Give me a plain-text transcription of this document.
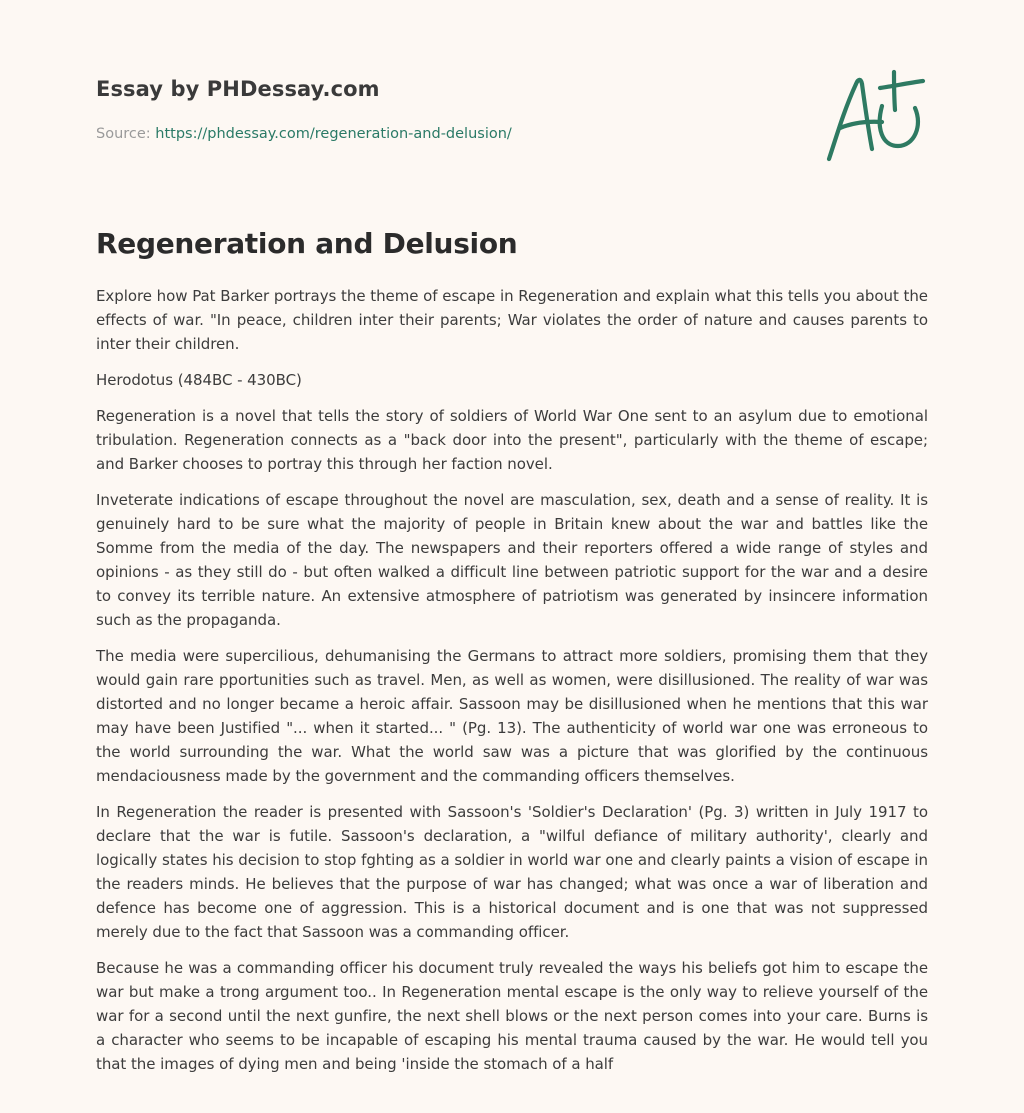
Essay by PHDessay.com
Source: https://phdessay.com/regeneration-and-delusion/
Regeneration and Delusion

Explore how Pat Barker portrays the theme of escape in Regeneration and explain what this tells you about the effects of war. "In peace, children inter their parents; War violates the order of nature and causes parents to inter their children.

Herodotus (484BC - 430BC)

Regeneration is a novel that tells the story of soldiers of World War One sent to an asylum due to emotional tribulation. Regeneration connects as a "back door into the present", particularly with the theme of escape; and Barker chooses to portray this through her faction novel.

Inveterate indications of escape throughout the novel are masculation, sex, death and a sense of reality. It is genuinely hard to be sure what the majority of people in Britain knew about the war and battles like the Somme from the media of the day. The newspapers and their reporters offered a wide range of styles and opinions - as they still do - but often walked a difficult line between patriotic support for the war and a desire to convey its terrible nature. An extensive atmosphere of patriotism was generated by insincere information such as the propaganda.

The media were supercilious, dehumanising the Germans to attract more soldiers, promising them that they would gain rare pportunities such as travel. Men, as well as women, were disillusioned. The reality of war was distorted and no longer became a heroic affair. Sassoon may be disillusioned when he mentions that this war may have been Justified "... when it started... " (Pg. 13). The authenticity of world war one was erroneous to the world surrounding the war. What the world saw was a picture that was glorified by the continuous mendaciousness made by the government and the commanding officers themselves.

In Regeneration the reader is presented with Sassoon's 'Soldier's Declaration' (Pg. 3) written in July 1917 to declare that the war is futile. Sassoon's declaration, a "wilful defiance of military authority', clearly and logically states his decision to stop fghting as a soldier in world war one and clearly paints a vision of escape in the readers minds. He believes that the purpose of war has changed; what was once a war of liberation and defence has become one of aggression. This is a historical document and is one that was not suppressed merely due to the fact that Sassoon was a commanding officer.

Because he was a commanding officer his document truly revealed the ways his beliefs got him to escape the war but make a trong argument too.. In Regeneration mental escape is the only way to relieve yourself of the war for a second until the next gunfire, the next shell blows or the next person comes into your care. Burns is a character who seems to be incapable of escaping his mental trauma caused by the war. He would tell you that the images of dying men and being 'inside the stomach of a half
